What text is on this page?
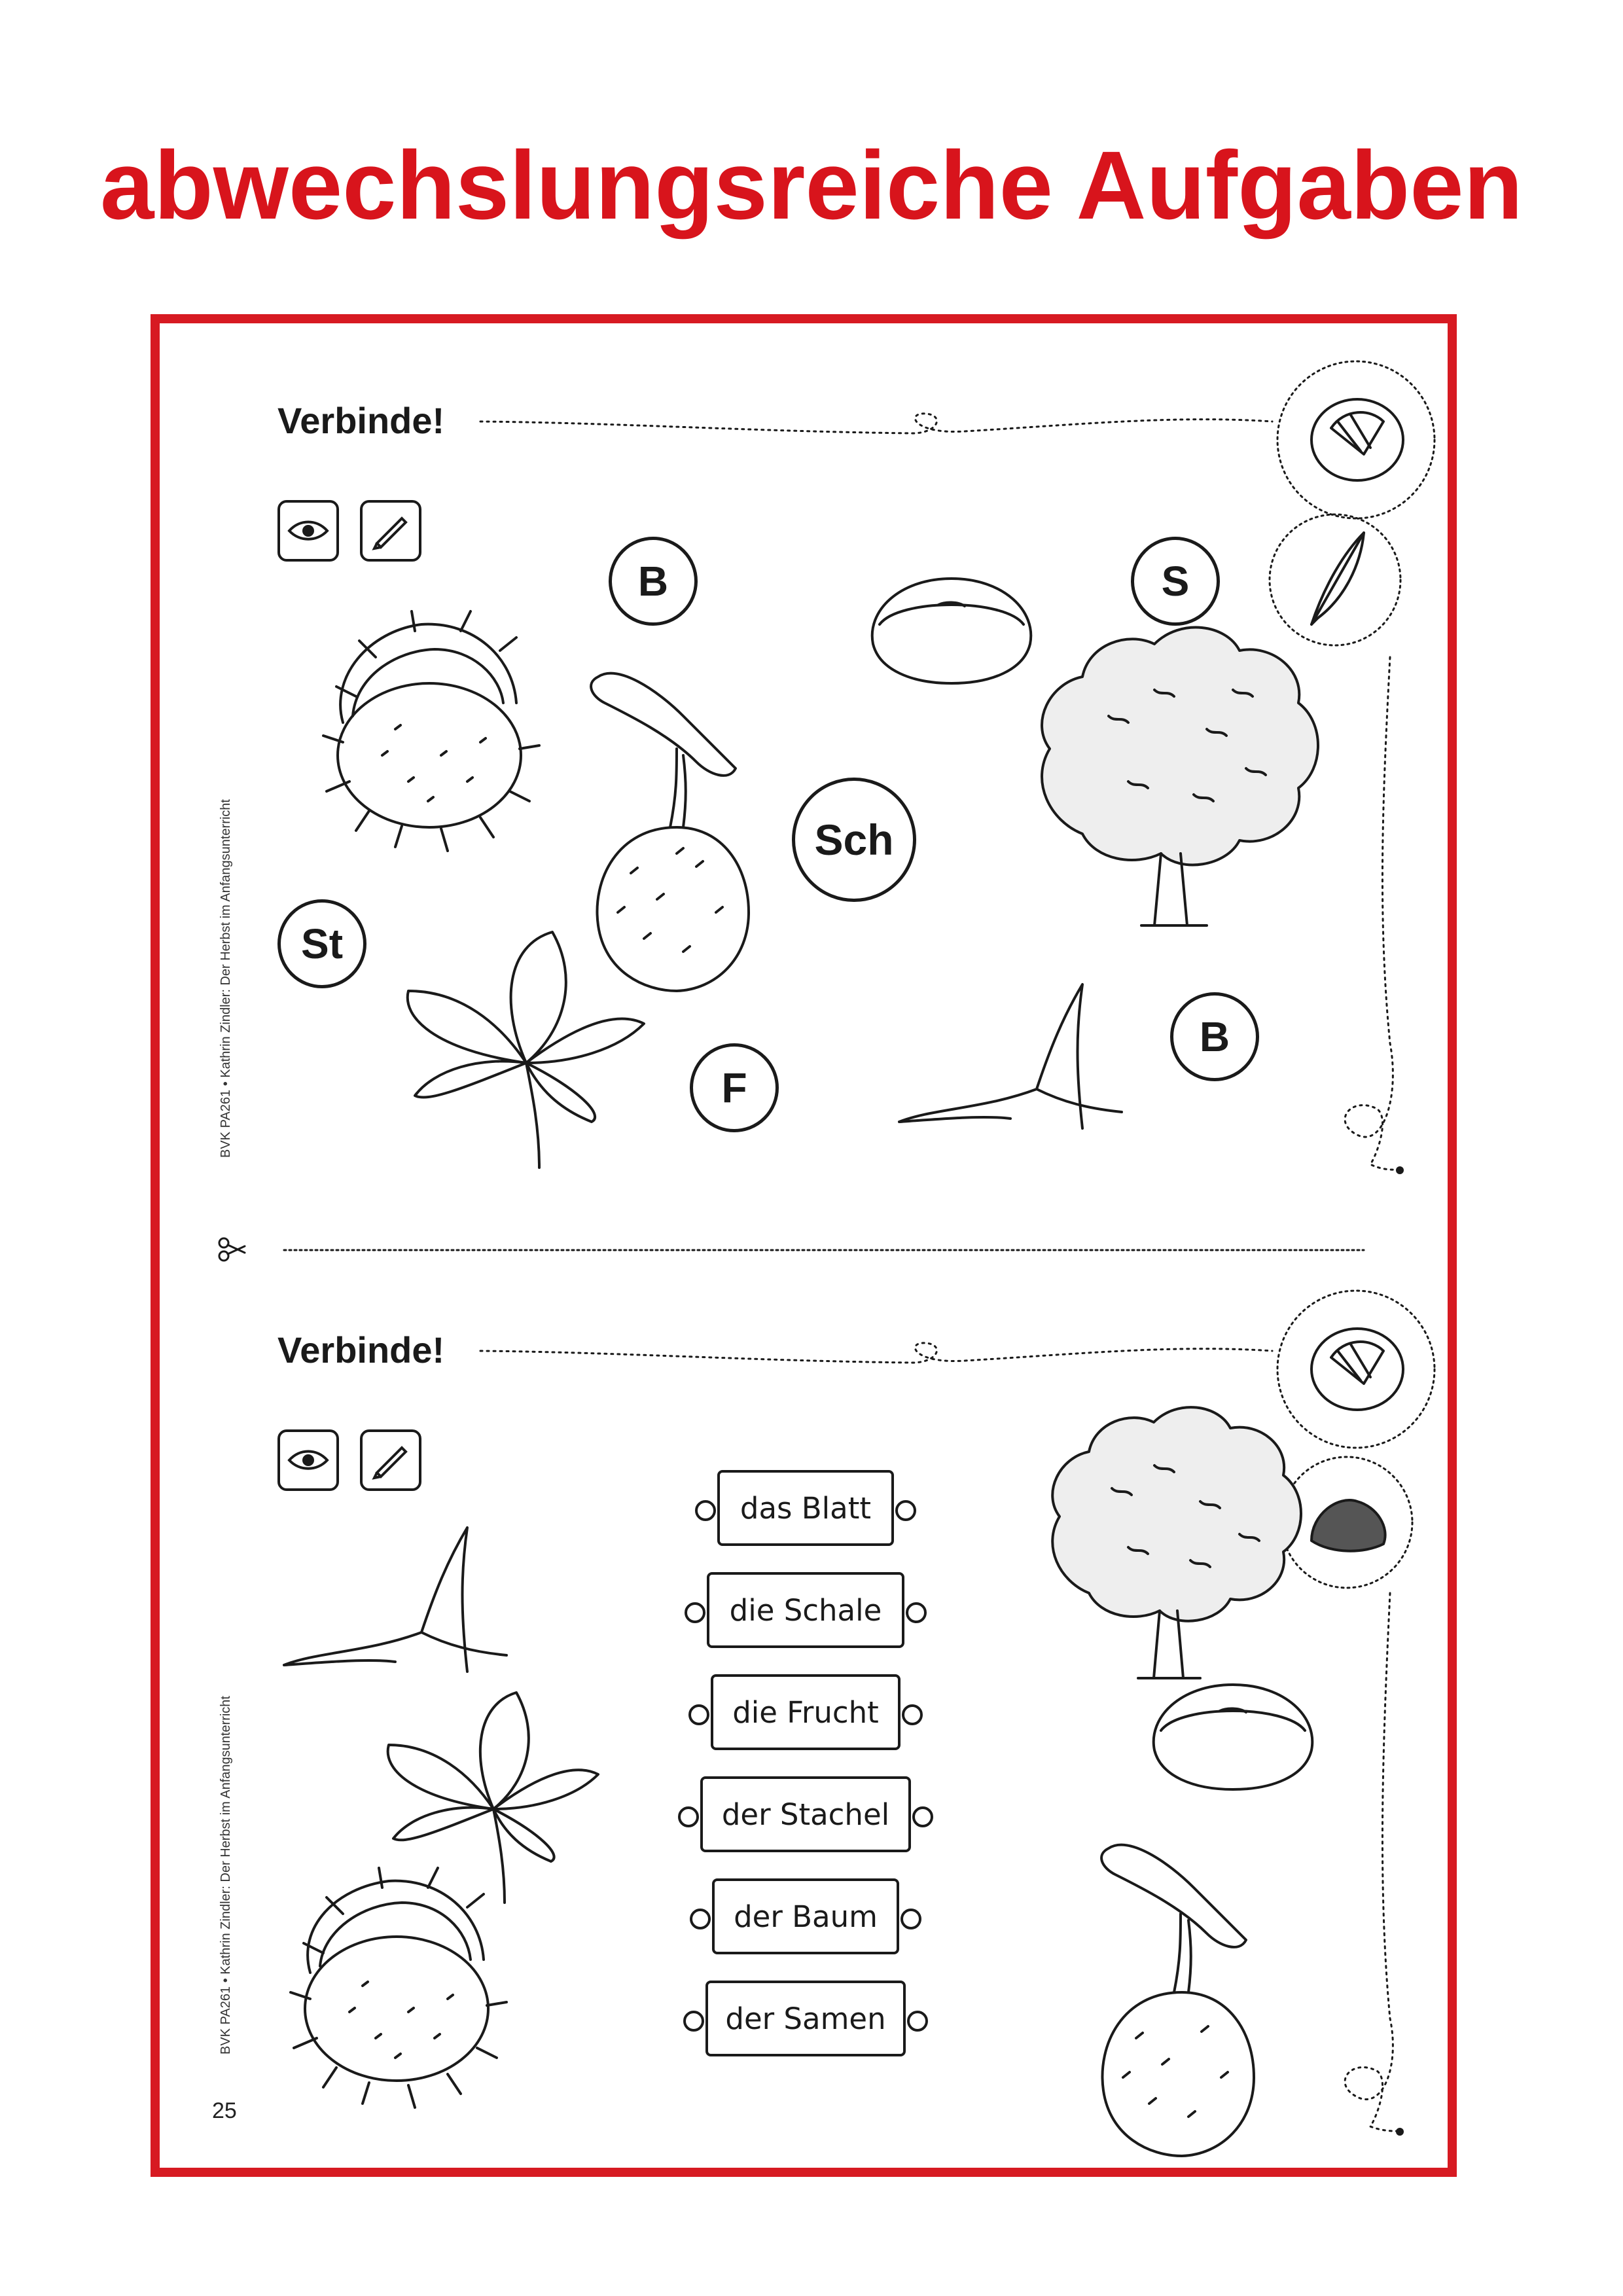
abwechslungsreiche Aufgaben
BVK PA261 • Kathrin Zindler: Der Herbst im Anfangsunterricht
BVK PA261 • Kathrin Zindler: Der Herbst im Anfangsunterricht
25
Verbinde!
B	S
Sch
St
F
B
Verbinde!
das Blatt
die Schale
die Frucht
der Stachel
der Baum
der Samen
